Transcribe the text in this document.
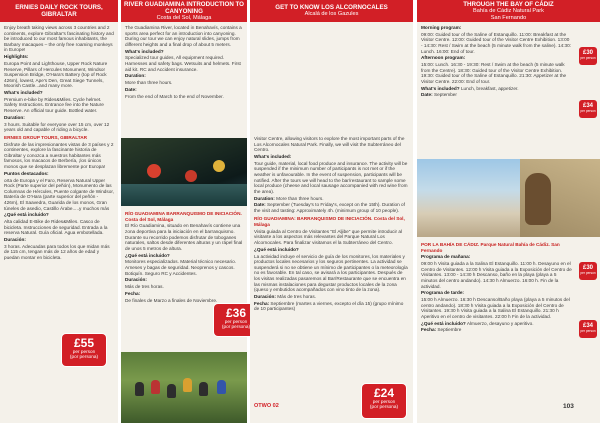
ERNIES DAILY ROCK TOURS, GIBRALTAR

Enjoy breath taking views across 3 countries and 2 continents, explore Gibraltar's fascinating history and be introduced to our most famous inhabitants, the Barbary macaques – the only free roaming monkeys in Europe!

Highlights:

Europa Point and Lighthouse, Upper Rock Nature Reserve, Pillars of Hercules Monument, Windsor Suspension Bridge, O'Hara's Battery (top of Rock 426m), lowest, Ape's Den, Great Siege Tunnels, Moorish Castle...and many more.

What's included?

Premium e-bike by Rides&Miles. Cycle helmet. Safety Instructions. Entrance fee into the Nature Reserve. An official tour guide. Bottled water.

Duration:

3 hours. Suitable for everyone over 15 cm, over 12 years old and capable of riding a bicycle.

ERNIES GROUP TOURS, GIBRALTAR

Disfrute de las impresionantes vistas de 3 países y 2 continentes, explore la fascinante historia de Gibraltar y conozca a nuestros habitantes más famosos, los macacos de Berbería, ¡los únicos monos que se desplazan libremente por Europa!

Puntos destacados:

orta de Europa y el Faro, Reserva Natural Upper Rock (Parte superior del peñón), Monumento de las Columnas de Hércules, Puente colgante de Windsor, Batería de O'Hara (parte superior del peñón - 426m), El Saavedra, Guarida de los monos, Gran túneles de asedio, Castillo Árabe.....y muchos más

¿Qué está incluido?

Alta calidad E-Bike de Rides&Miles. Casco de bicicleta. Instrucciones de seguridad. Entrada a la reserva Natural. Guía oficial. Agua embotellada.

Duración:

3 horas. Adecuadas para todos los que midan más de 115 cm, tengan más de 12 años de edad y puedan montar en bicicleta.

£55
per person
(por persona)
RIVER GUADIAMINA INTRODUCTION TO CANYONING
Costa del Sol, Málaga

The Guadiamina River, located in Benahavís, contains a sports area perfect for an introduction into canyoning. During our tour we can enjoy natural slides, jumps from different heights and a final drop of about 5 meters.

What's included?

Specialized tour guides, All equipment required. Harnesses and safety bags. Wetsuits and helmets. First aid kit. RC and Accident insurance.

Duration:

More than three hours.

Date:

From the end of March to the end of November.

RÍO GUADIAMINA BARRANQUISMO DE INICIACIÓN. Costa del Sol, Málaga

El Río Guadiamina, situado en Benahavís contiene una zona deportiva para la iniciación en el barranquismo. Durante su recorrido podemos disfrutar de toboganes naturales, saltos desde diferentes alturas y un rápel final de unos 5 metros de altura.

¿Qué está incluido?

Monitores especializados. Material técnico necesario. Arneses y bagas de seguridad. Neoprenos y cascos. Botiquín. Seguro RC y Accidentes.

Duración:

Más de tres horas.

Fecha:

De finales de Marzo a finales de Noviembre.

£36
per person
(por persona)
GET TO KNOW LOS ALCORNOCALES
Alcalá de los Gazules

Visitor Centre, allowing visitors to explore the most important parts of the Los Alcornocales Natural Park. Finally, we will visit the Subterráneo del Centro.

What's included:

Tour guide, material, local food produce and insurance. The activity will be suspended if the minimum number of participants is not met or if the weather is unfavourable. In the event of suspension, participants will be notified. After the tours we will head to the bar/restaurant to sample some local produce (cheese and local sausage accompanied with red wine from the area).

Duration: More than three hours.

Date: September (Tuesday's to Friday's, except on the 15th). Duration of the visit and tasting: Approximately 4h. (minimum group of 10 people).

RÍO GUADIAMINA: BARRANQUISMO DE INICIACIÓN. Costa del Sol, Málaga

Visita guiada al Centro de Visitantes "El Aljibe" que permite introducir al visitante a los aspectos más relevantes del Parque Natural Los Alcornocales. Para finalizar visitamos el la Subterráneo del Centro.

¿Qué está incluido?

La actividad incluye el servicio de guía de los monitores, los materiales y productos locales necesarios y los seguros pertinentes. La actividad se suspenderá si no se obtiene un mínimo de participantes o la meteorología no es favorable. En tal caso, se avisará a los participantes. Después de los visitas realizadas pasaremos al Bar/Restaurante que se encuentra en las mismas instalaciones para degustar productos locales de la zona (queso y embutidos acompañados con vino tinto de la zona).

Duración: Más de tres horas.

Fecha: Septiembre (martes a viernes, excepto el día 15) (grupo mínimo de 10 participantes)

OTWO 02
£24
per person
(por persona)
THROUGH THE BAY OF CÁDIZ
Bahía de Cádiz Natural Park
San Fernando

Morning program:

09:00: Guided tour of the Saline of Estanquillo. 11:00: Breakfast at the Visitor Centre. 12:00: Guided tour of the Visitor Centre Exhibition. 13:00 - 14:30: Rest / Swim at the beach (5 minute walk from the saline). 14:30: Lunch. 16:00: End of tour.

Afternoon program:

15:00: Lunch. 16:30 - 19:30: Rest / Swim at the beach (5 minute walk from the Centre). 18:30: Guided tour of the Visitor Centre Exhibition. 19:30: Guided tour of the Saline of Estanquillo. 21:30: Appetizer at the Visitor Centre. 22:00: End of tour.

What's included? Lunch, breakfast, appetizer.

Date: September

POR LA BAHÍA DE CÁDIZ. Parque Natural Bahía de Cádiz. San Fernando

Programa de mañana:

09:00 h Visita guiada a la Salina El Estanquillo. 11:00 h. Desayuno en el Centro de Visitantes. 12:00 h Visita guiada a la Exposición del Centro de Visitantes. 13:00 - 14:30 h Descanso, baño en la playa (playa a 5 minutos del centro andando). 14:30 h Almuerzo. 16:00 h. Fin de la actividad.

Programa de tarde:

15:00 h Almuerzo. 16:30 h Descanso/Baño playa (playa a 5 minutos del centro andando). 18:30 h Visita guiada a la Exposición del Centro de Visitantes. 19:30 h Visita guiada a la Salina El Estanquillo. 21:30 h Aperitivo en el centro de visitantes. 22:00 h Fin de la actividad.

¿Qué está incluido? Almuerzo, desayuno y aperitivo.

Fecha: Septiembre

£30
per person
£34
per person
£30
per person
£34
per person
103
